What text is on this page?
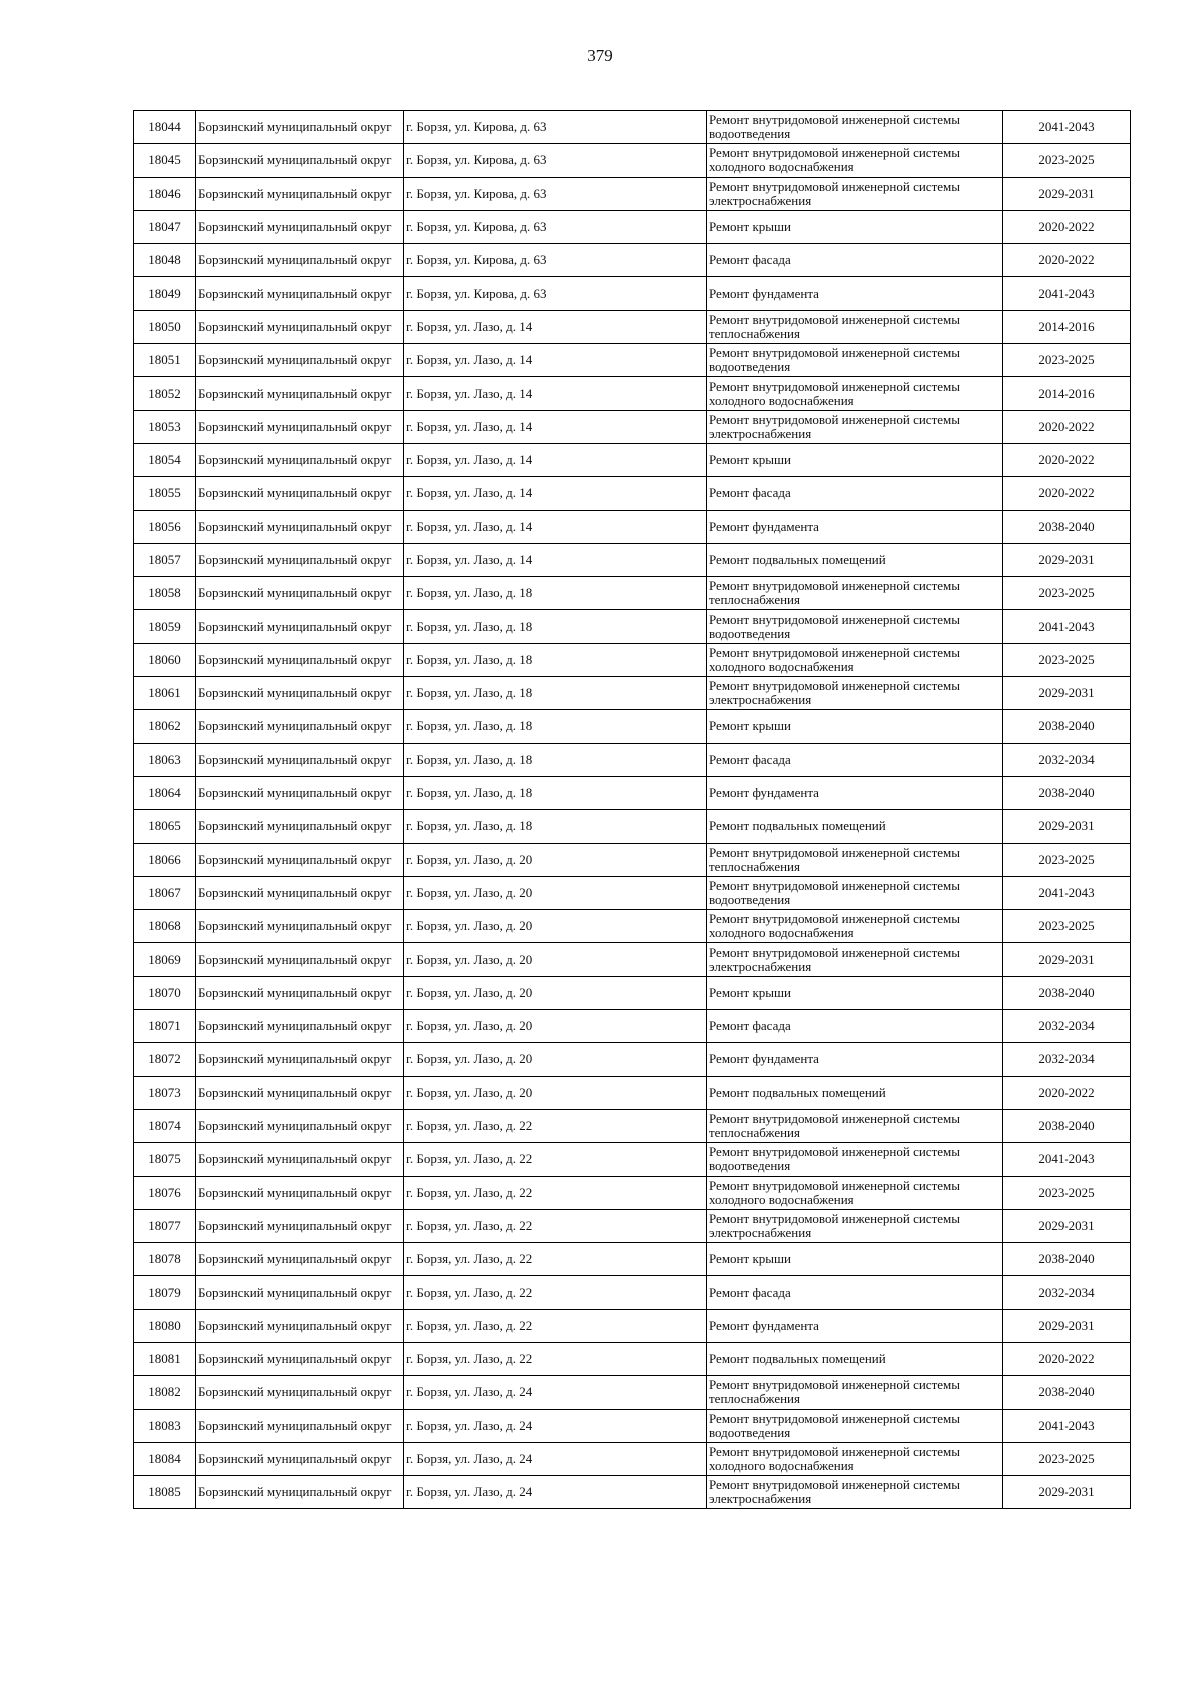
379
18044	Борзинский муниципальный округ	г. Борзя, ул. Кирова, д. 63	Ремонт внутридомовой инженерной системы водоотведения	2041-2043
18045	Борзинский муниципальный округ	г. Борзя, ул. Кирова, д. 63	Ремонт внутридомовой инженерной системы холодного водоснабжения	2023-2025
18046	Борзинский муниципальный округ	г. Борзя, ул. Кирова, д. 63	Ремонт внутридомовой инженерной системы электроснабжения	2029-2031
18047	Борзинский муниципальный округ	г. Борзя, ул. Кирова, д. 63	Ремонт крыши	2020-2022
18048	Борзинский муниципальный округ	г. Борзя, ул. Кирова, д. 63	Ремонт фасада	2020-2022
18049	Борзинский муниципальный округ	г. Борзя, ул. Кирова, д. 63	Ремонт фундамента	2041-2043
18050	Борзинский муниципальный округ	г. Борзя, ул. Лазо, д. 14	Ремонт внутридомовой инженерной системы теплоснабжения	2014-2016
18051	Борзинский муниципальный округ	г. Борзя, ул. Лазо, д. 14	Ремонт внутридомовой инженерной системы водоотведения	2023-2025
18052	Борзинский муниципальный округ	г. Борзя, ул. Лазо, д. 14	Ремонт внутридомовой инженерной системы холодного водоснабжения	2014-2016
18053	Борзинский муниципальный округ	г. Борзя, ул. Лазо, д. 14	Ремонт внутридомовой инженерной системы электроснабжения	2020-2022
18054	Борзинский муниципальный округ	г. Борзя, ул. Лазо, д. 14	Ремонт крыши	2020-2022
18055	Борзинский муниципальный округ	г. Борзя, ул. Лазо, д. 14	Ремонт фасада	2020-2022
18056	Борзинский муниципальный округ	г. Борзя, ул. Лазо, д. 14	Ремонт фундамента	2038-2040
18057	Борзинский муниципальный округ	г. Борзя, ул. Лазо, д. 14	Ремонт подвальных помещений	2029-2031
18058	Борзинский муниципальный округ	г. Борзя, ул. Лазо, д. 18	Ремонт внутридомовой инженерной системы теплоснабжения	2023-2025
18059	Борзинский муниципальный округ	г. Борзя, ул. Лазо, д. 18	Ремонт внутридомовой инженерной системы водоотведения	2041-2043
18060	Борзинский муниципальный округ	г. Борзя, ул. Лазо, д. 18	Ремонт внутридомовой инженерной системы холодного водоснабжения	2023-2025
18061	Борзинский муниципальный округ	г. Борзя, ул. Лазо, д. 18	Ремонт внутридомовой инженерной системы электроснабжения	2029-2031
18062	Борзинский муниципальный округ	г. Борзя, ул. Лазо, д. 18	Ремонт крыши	2038-2040
18063	Борзинский муниципальный округ	г. Борзя, ул. Лазо, д. 18	Ремонт фасада	2032-2034
18064	Борзинский муниципальный округ	г. Борзя, ул. Лазо, д. 18	Ремонт фундамента	2038-2040
18065	Борзинский муниципальный округ	г. Борзя, ул. Лазо, д. 18	Ремонт подвальных помещений	2029-2031
18066	Борзинский муниципальный округ	г. Борзя, ул. Лазо, д. 20	Ремонт внутридомовой инженерной системы теплоснабжения	2023-2025
18067	Борзинский муниципальный округ	г. Борзя, ул. Лазо, д. 20	Ремонт внутридомовой инженерной системы водоотведения	2041-2043
18068	Борзинский муниципальный округ	г. Борзя, ул. Лазо, д. 20	Ремонт внутридомовой инженерной системы холодного водоснабжения	2023-2025
18069	Борзинский муниципальный округ	г. Борзя, ул. Лазо, д. 20	Ремонт внутридомовой инженерной системы электроснабжения	2029-2031
18070	Борзинский муниципальный округ	г. Борзя, ул. Лазо, д. 20	Ремонт крыши	2038-2040
18071	Борзинский муниципальный округ	г. Борзя, ул. Лазо, д. 20	Ремонт фасада	2032-2034
18072	Борзинский муниципальный округ	г. Борзя, ул. Лазо, д. 20	Ремонт фундамента	2032-2034
18073	Борзинский муниципальный округ	г. Борзя, ул. Лазо, д. 20	Ремонт подвальных помещений	2020-2022
18074	Борзинский муниципальный округ	г. Борзя, ул. Лазо, д. 22	Ремонт внутридомовой инженерной системы теплоснабжения	2038-2040
18075	Борзинский муниципальный округ	г. Борзя, ул. Лазо, д. 22	Ремонт внутридомовой инженерной системы водоотведения	2041-2043
18076	Борзинский муниципальный округ	г. Борзя, ул. Лазо, д. 22	Ремонт внутридомовой инженерной системы холодного водоснабжения	2023-2025
18077	Борзинский муниципальный округ	г. Борзя, ул. Лазо, д. 22	Ремонт внутридомовой инженерной системы электроснабжения	2029-2031
18078	Борзинский муниципальный округ	г. Борзя, ул. Лазо, д. 22	Ремонт крыши	2038-2040
18079	Борзинский муниципальный округ	г. Борзя, ул. Лазо, д. 22	Ремонт фасада	2032-2034
18080	Борзинский муниципальный округ	г. Борзя, ул. Лазо, д. 22	Ремонт фундамента	2029-2031
18081	Борзинский муниципальный округ	г. Борзя, ул. Лазо, д. 22	Ремонт подвальных помещений	2020-2022
18082	Борзинский муниципальный округ	г. Борзя, ул. Лазо, д. 24	Ремонт внутридомовой инженерной системы теплоснабжения	2038-2040
18083	Борзинский муниципальный округ	г. Борзя, ул. Лазо, д. 24	Ремонт внутридомовой инженерной системы водоотведения	2041-2043
18084	Борзинский муниципальный округ	г. Борзя, ул. Лазо, д. 24	Ремонт внутридомовой инженерной системы холодного водоснабжения	2023-2025
18085	Борзинский муниципальный округ	г. Борзя, ул. Лазо, д. 24	Ремонт внутридомовой инженерной системы электроснабжения	2029-2031
